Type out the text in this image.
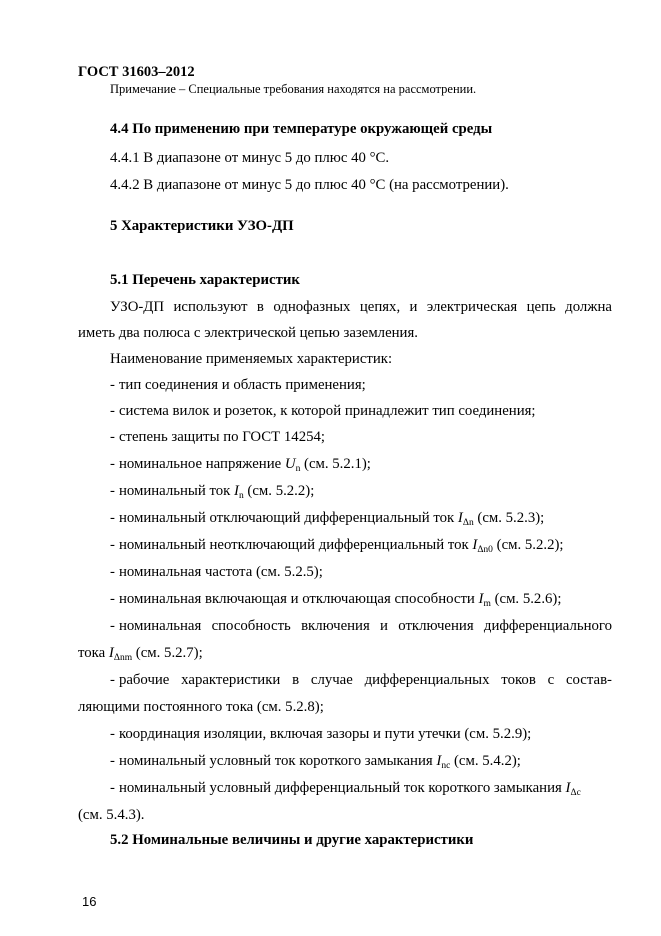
ГОСТ 31603–2012
Примечание – Специальные требования находятся на рассмотрении.
4.4 По применению при температуре окружающей среды
4.4.1 В диапазоне от минус 5 до плюс 40 °С.
4.4.2 В диапазоне от минус 5 до плюс 40 °С (на рассмотрении).
5 Характеристики УЗО-ДП
5.1 Перечень характеристик
УЗО-ДП используют в однофазных цепях, и электрическая цепь должна
иметь два полюса с электрической цепью заземления.
Наименование применяемых характеристик:
- тип соединения и область применения;
- система вилок и розеток, к которой принадлежит тип соединения;
- степень защиты по ГОСТ 14254;
- номинальное напряжение $U_n$ (см. 5.2.1);
- номинальный ток $I_n$ (см. 5.2.2);
- номинальный отключающий дифференциальный ток $I_{\Delta n}$ (см. 5.2.3);
- номинальный неотключающий дифференциальный ток $I_{\Delta n0}$ (см. 5.2.2);
- номинальная частота (см. 5.2.5);
- номинальная включающая и отключающая способности $I_m$ (см. 5.2.6);
- номинальная способность включения и отключения дифференциального
тока $I_{\Delta nm}$ (см. 5.2.7);
- рабочие характеристики в случае дифференциальных токов с состав-
ляющими постоянного тока (см. 5.2.8);
- координация изоляции, включая зазоры и пути утечки (см. 5.2.9);
- номинальный условный ток короткого замыкания $I_{nc}$ (см. 5.4.2);
- номинальный условный дифференциальный ток короткого замыкания $I_{\Delta c}$
(см. 5.4.3).
5.2 Номинальные величины и другие характеристики
16
